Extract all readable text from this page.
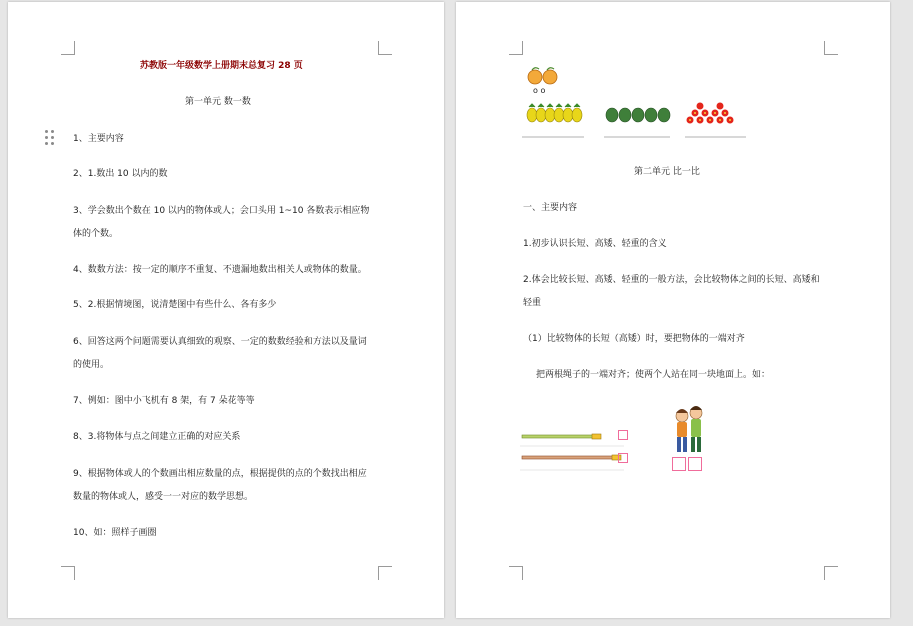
苏教版一年级数学上册期末总复习 28 页
第一单元 数一数
1、主要内容
2、1.数出 10 以内的数
3、学会数出个数在 10 以内的物体或人；会口头用 1~10 各数表示相应物
体的个数。
4、数数方法：按一定的顺序不重复、不遗漏地数出相关人或物体的数量。
5、2.根据情境图，说清楚图中有些什么、各有多少
6、回答这两个问题需要认真细致的观察、一定的数数经验和方法以及量词
的使用。
7、例如：图中小飞机有 8 架，有 7 朵花等等
8、3.将物体与点之间建立正确的对应关系
9、根据物体或人的个数画出相应数量的点，根据提供的点的个数找出相应
数量的物体或人，感受一一对应的数学思想。
10、如：照样子画圈
o o
第二单元 比一比
一、主要内容
1.初步认识长短、高矮、轻重的含义
2.体会比较长短、高矮、轻重的一般方法，会比较物体之间的长短、高矮和
轻重
（1）比较物体的长短（高矮）时，要把物体的一端对齐
把两根绳子的一端对齐；使两个人站在同一块地面上。如：
